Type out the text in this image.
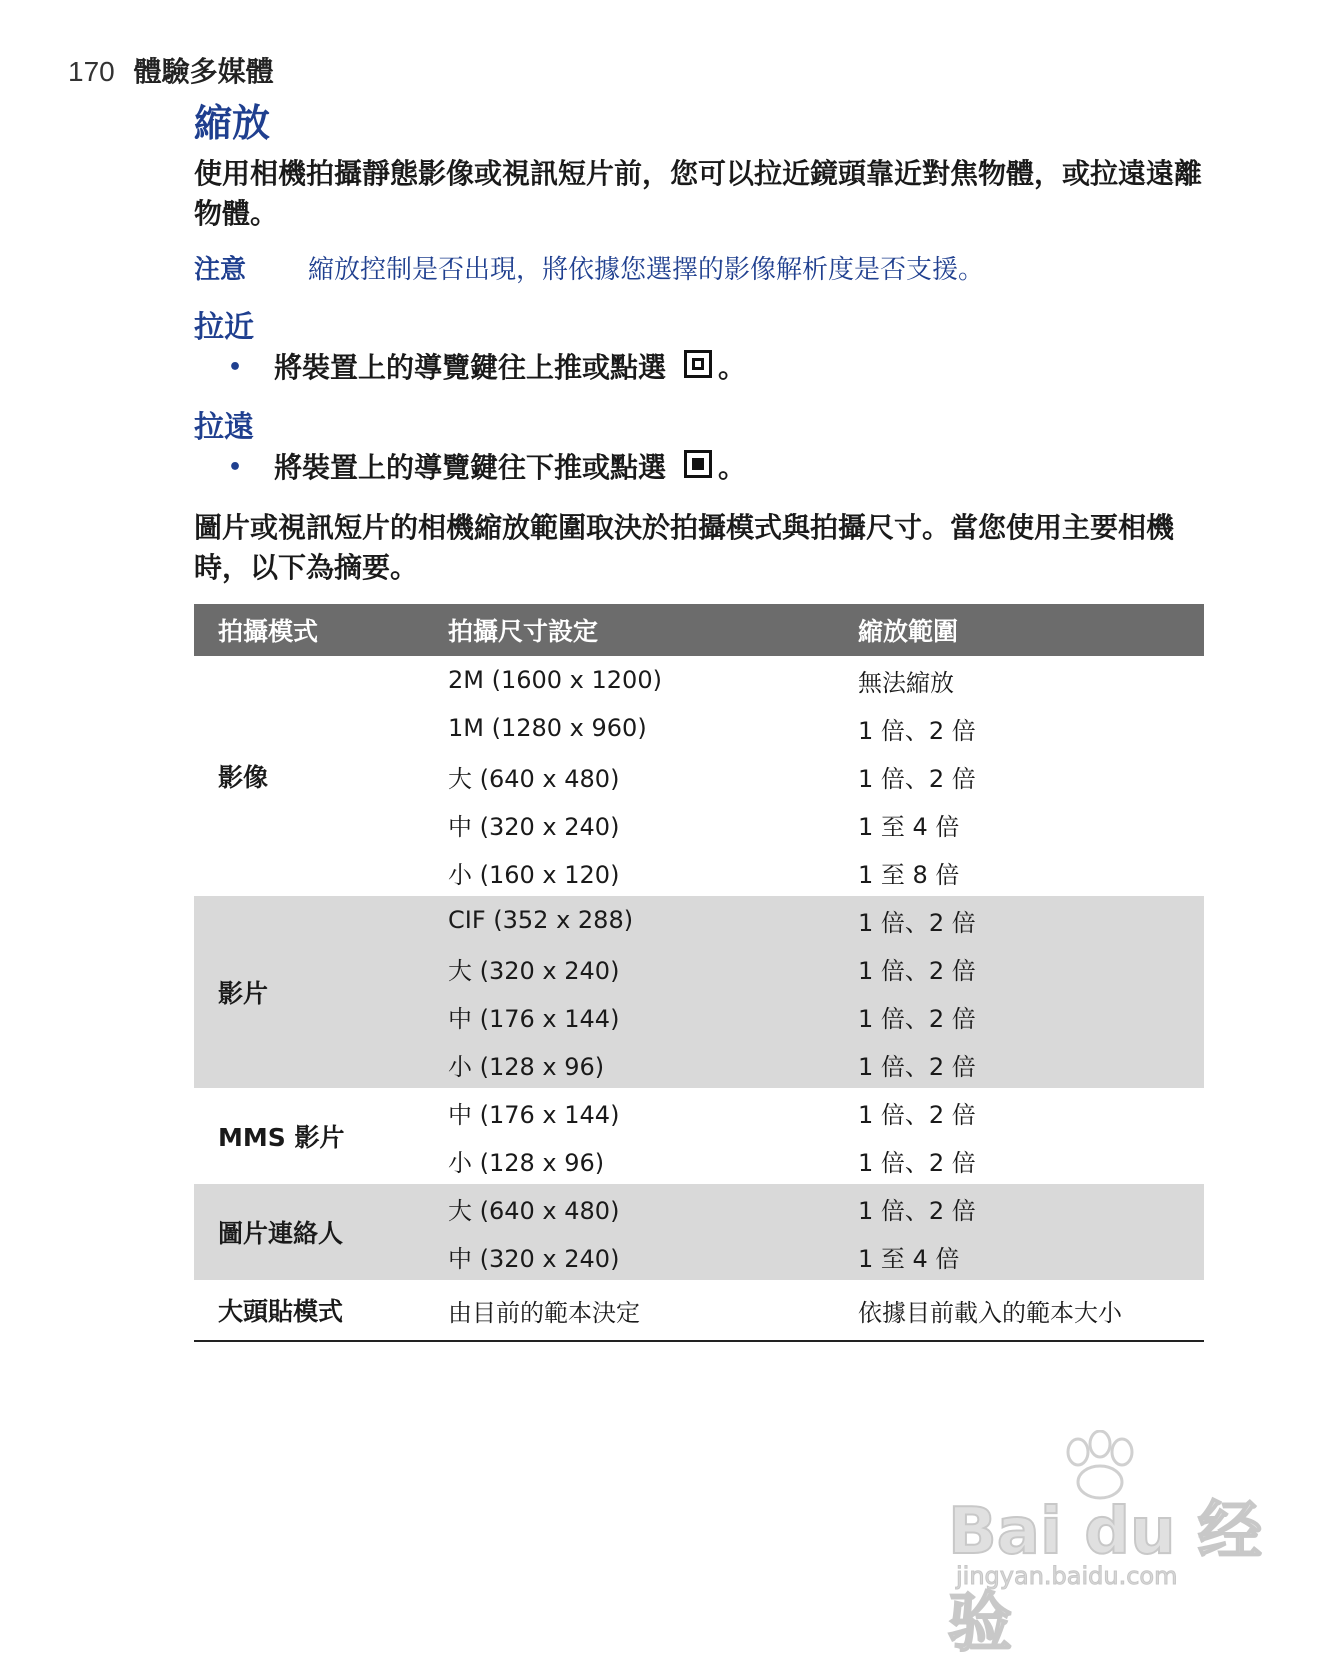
170 體驗多媒體
縮放

使用相機拍攝靜態影像或視訊短片前，您可以拉近鏡頭靠近對焦物體，或拉遠遠離物體。

注意	縮放控制是否出現，將依據您選擇的影像解析度是否支援。
拉近
•	將裝置上的導覽鍵往上推或點選 。
拉遠
•	將裝置上的導覽鍵往下推或點選 。

圖片或視訊短片的相機縮放範圍取決於拍攝模式與拍攝尺寸。當您使用主要相機時，以下為摘要。

拍攝模式	拍攝尺寸設定	縮放範圍
影像	2M (1600 x 1200)	無法縮放
	1M (1280 x 960)	1 倍、2 倍
	大 (640 x 480)	1 倍、2 倍
	中 (320 x 240)	1 至 4 倍
	小 (160 x 120)	1 至 8 倍
影片	CIF (352 x 288)	1 倍、2 倍
	大 (320 x 240)	1 倍、2 倍
	中 (176 x 144)	1 倍、2 倍
	小 (128 x 96)	1 倍、2 倍
MMS 影片	中 (176 x 144)	1 倍、2 倍
	小 (128 x 96)	1 倍、2 倍
圖片連絡人	大 (640 x 480)	1 倍、2 倍
	中 (320 x 240)	1 至 4 倍
大頭貼模式	由目前的範本決定	依據目前載入的範本大小
Bai du 经验
jingyan.baidu.com
